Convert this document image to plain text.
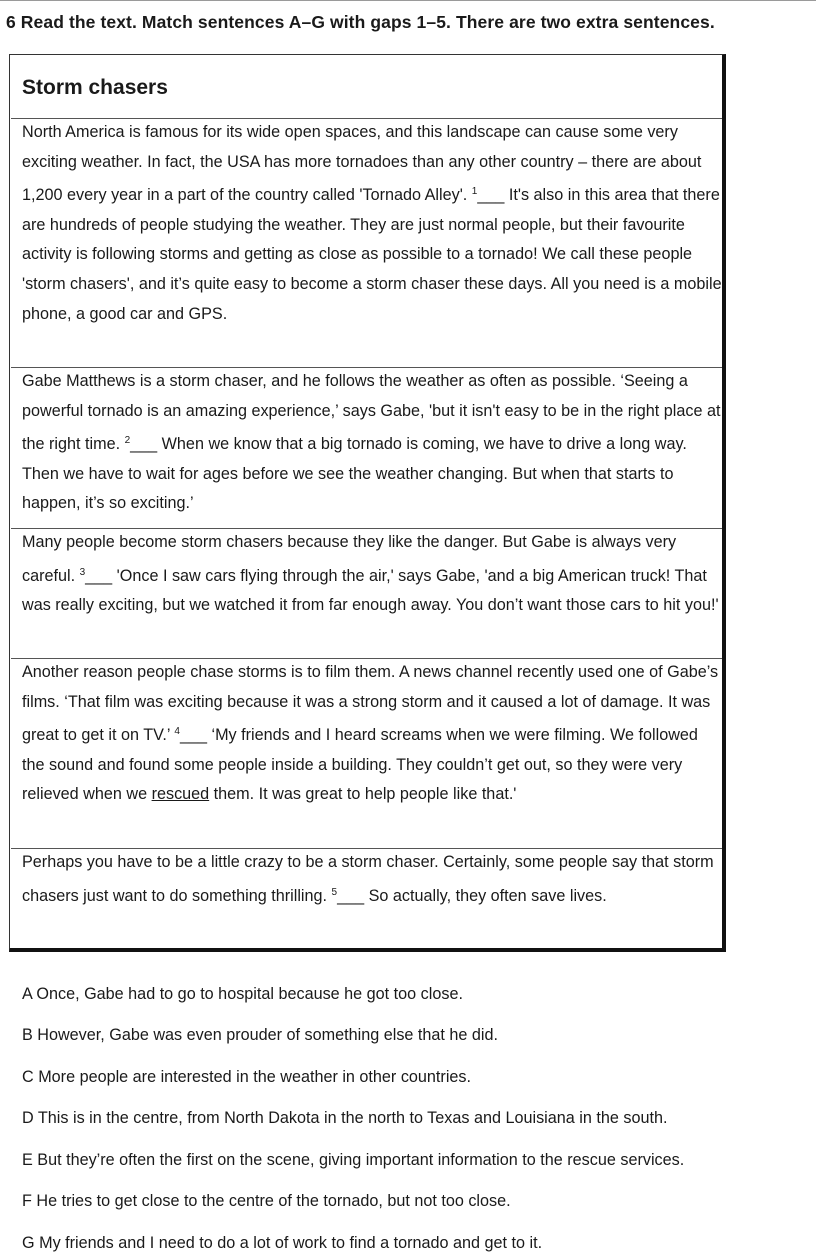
6 Read the text. Match sentences A–G with gaps 1–5. There are two extra sentences.
Storm chasers

North America is famous for its wide open spaces, and this landscape can cause some very exciting weather. In fact, the USA has more tornadoes than any other country – there are about 1,200 every year in a part of the country called 'Tornado Alley'. $^1$___ It's also in this area that there are hundreds of people studying the weather. They are just normal people, but their favourite activity is following storms and getting as close as possible to a tornado! We call these people 'storm chasers', and it’s quite easy to become a storm chaser these days. All you need is a mobile phone, a good car and GPS.

Gabe Matthews is a storm chaser, and he follows the weather as often as possible. ‘Seeing a powerful tornado is an amazing experience,’ says Gabe, 'but it isn't easy to be in the right place at the right time. $^2$___ When we know that a big tornado is coming, we have to drive a long way. Then we have to wait for ages before we see the weather changing. But when that starts to happen, it’s so exciting.’

Many people become storm chasers because they like the danger. But Gabe is always very careful. $^3$___ 'Once I saw cars flying through the air,' says Gabe, 'and a big American truck! That was really exciting, but we watched it from far enough away. You don’t want those cars to hit you!'

Another reason people chase storms is to film them. A news channel recently used one of Gabe’s films. ‘That film was exciting because it was a strong storm and it caused a lot of damage. It was great to get it on TV.’ $^4$___ ‘My friends and I heard screams when we were filming. We followed the sound and found some people inside a building. They couldn’t get out, so they were very relieved when we rescued them. It was great to help people like that.'

Perhaps you have to be a little crazy to be a storm chaser. Certainly, some people say that storm chasers just want to do something thrilling. $^5$___ So actually, they often save lives.

A Once, Gabe had to go to hospital because he got too close.
B However, Gabe was even prouder of something else that he did.
C More people are interested in the weather in other countries.
D This is in the centre, from North Dakota in the north to Texas and Louisiana in the south.
E But they’re often the first on the scene, giving important information to the rescue services.
F He tries to get close to the centre of the tornado, but not too close.
G My friends and I need to do a lot of work to find a tornado and get to it.
